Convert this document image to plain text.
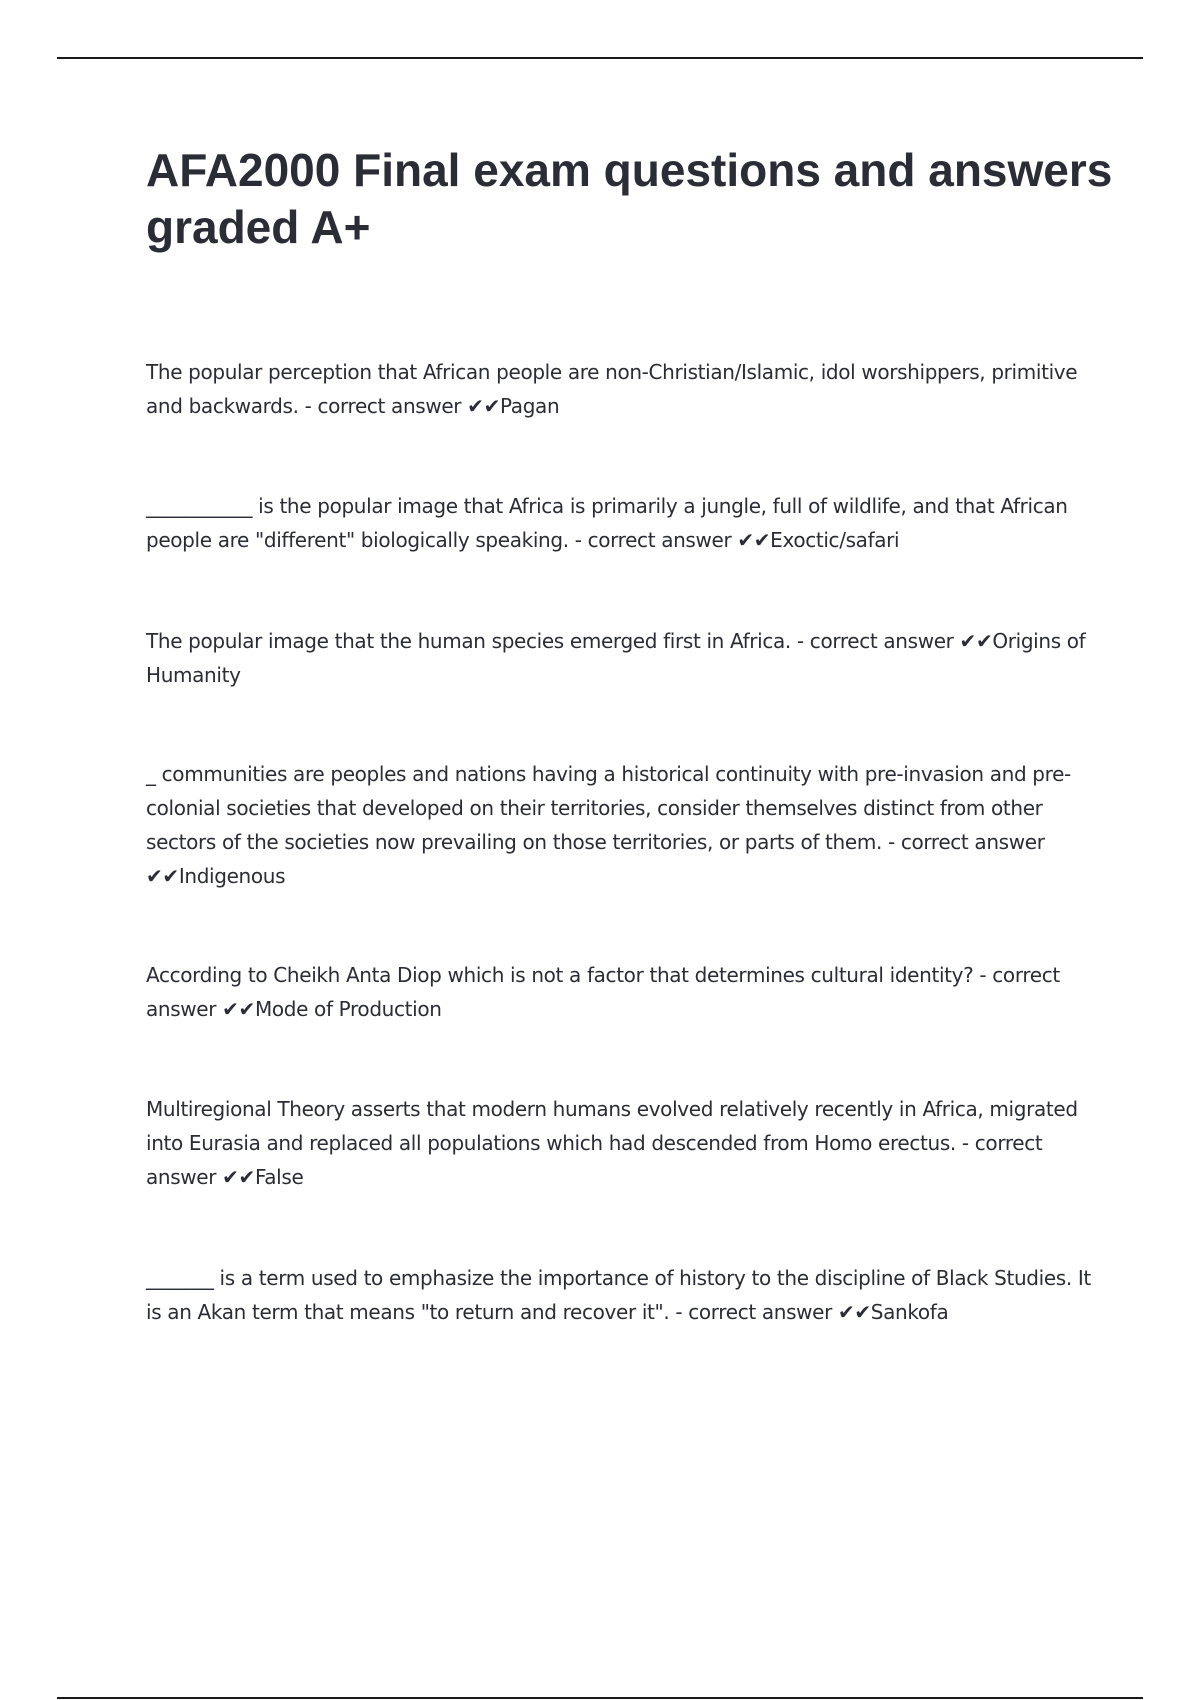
AFA2000 Final exam questions and answers graded A+

The popular perception that African people are non-Christian/Islamic, idol worshippers, primitive and backwards. - correct answer ✔✔Pagan

___________ is the popular image that Africa is primarily a jungle, full of wildlife, and that African people are "different" biologically speaking. - correct answer ✔✔Exoctic/safari

The popular image that the human species emerged first in Africa. - correct answer ✔✔Origins of Humanity

_ communities are peoples and nations having a historical continuity with pre-invasion and pre-colonial societies that developed on their territories, consider themselves distinct from other sectors of the societies now prevailing on those territories, or parts of them. - correct answer ✔✔Indigenous

According to Cheikh Anta Diop which is not a factor that determines cultural identity? - correct answer ✔✔Mode of Production

Multiregional Theory asserts that modern humans evolved relatively recently in Africa, migrated into Eurasia and replaced all populations which had descended from Homo erectus. - correct answer ✔✔False

_______ is a term used to emphasize the importance of history to the discipline of Black Studies. It is an Akan term that means "to return and recover it". - correct answer ✔✔Sankofa
